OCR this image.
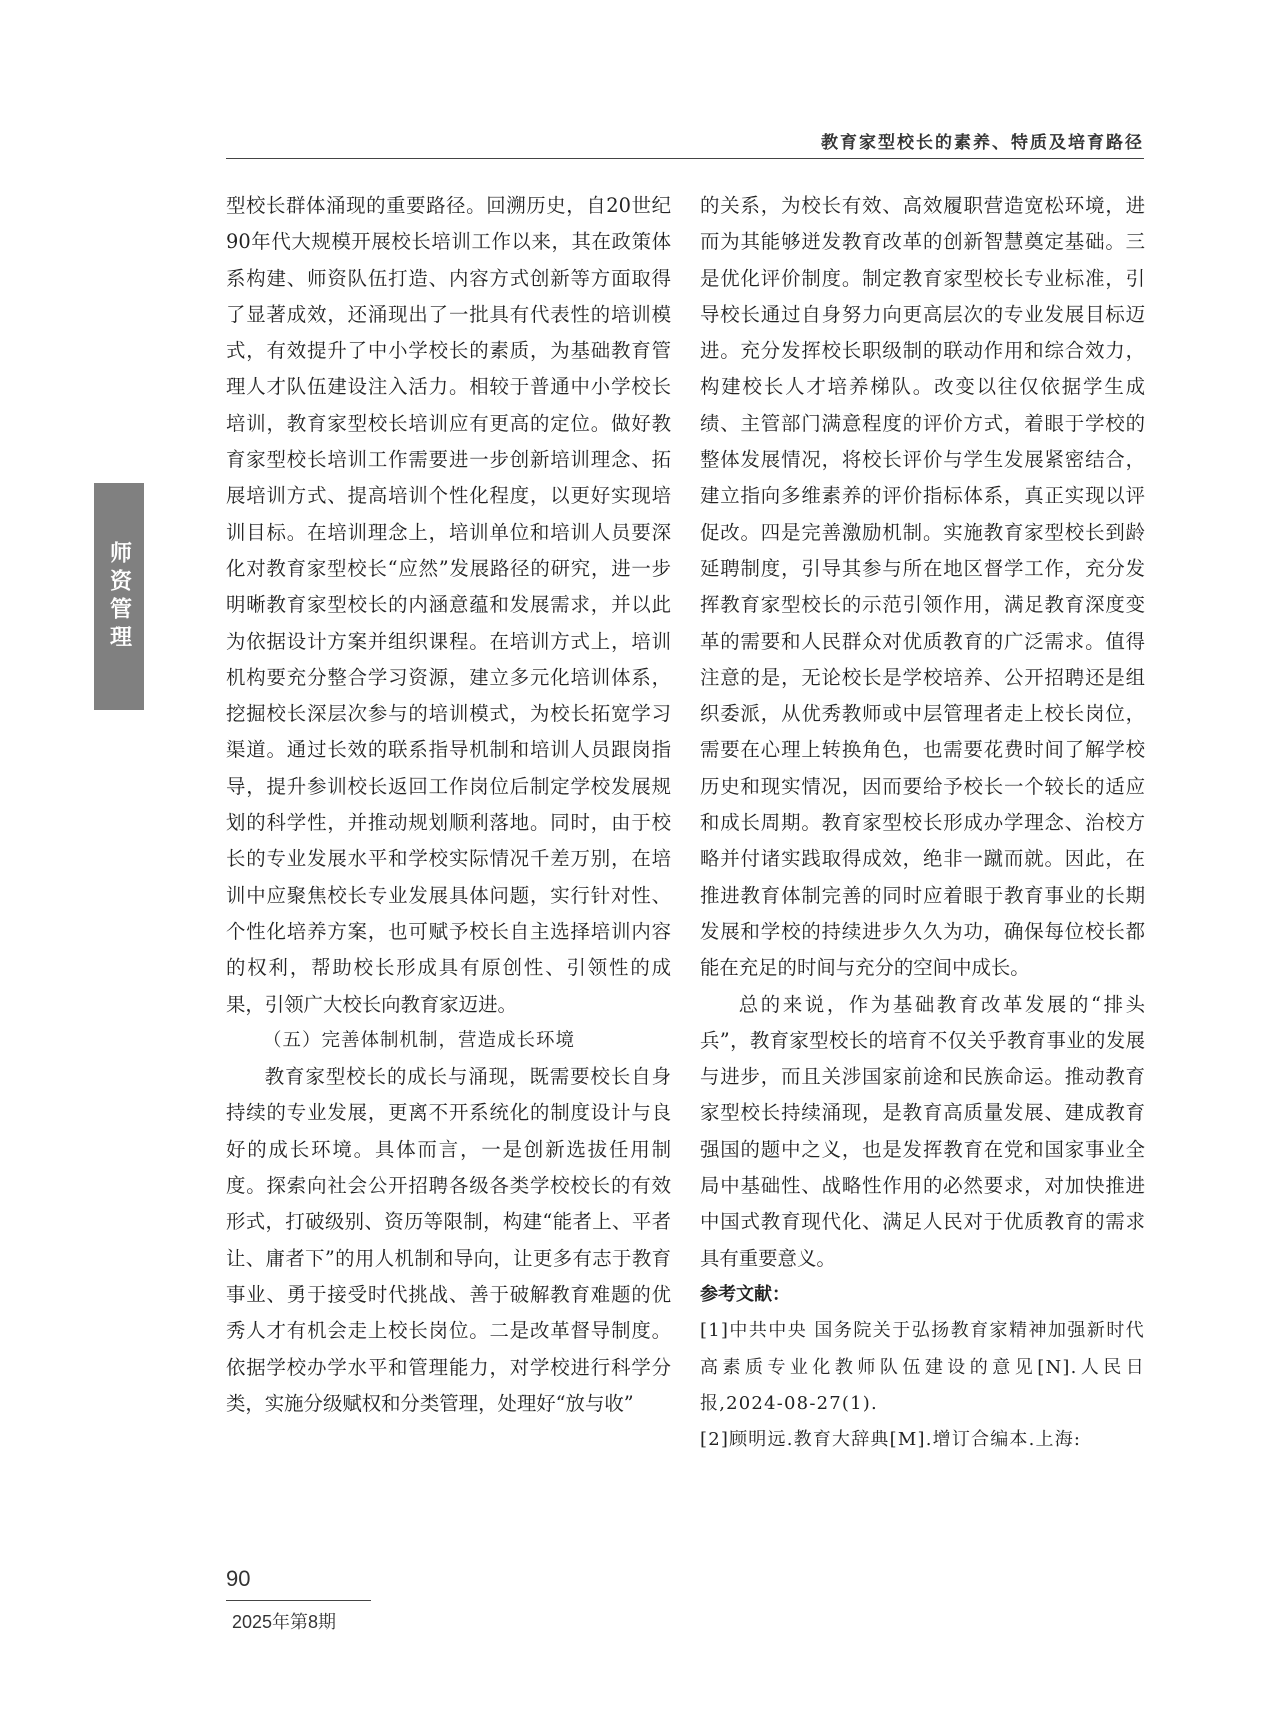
教育家型校长的素养、特质及培育路径
师资管理

型校长群体涌现的重要路径。回溯历史，自20世纪90年代大规模开展校长培训工作以来，其在政策体系构建、师资队伍打造、内容方式创新等方面取得了显著成效，还涌现出了一批具有代表性的培训模式，有效提升了中小学校长的素质，为基础教育管理人才队伍建设注入活力。相较于普通中小学校长培训，教育家型校长培训应有更高的定位。做好教育家型校长培训工作需要进一步创新培训理念、拓展培训方式、提高培训个性化程度，以更好实现培训目标。在培训理念上，培训单位和培训人员要深化对教育家型校长“应然”发展路径的研究，进一步明晰教育家型校长的内涵意蕴和发展需求，并以此为依据设计方案并组织课程。在培训方式上，培训机构要充分整合学习资源，建立多元化培训体系，挖掘校长深层次参与的培训模式，为校长拓宽学习渠道。通过长效的联系指导机制和培训人员跟岗指导，提升参训校长返回工作岗位后制定学校发展规划的科学性，并推动规划顺利落地。同时，由于校长的专业发展水平和学校实际情况千差万别，在培训中应聚焦校长专业发展具体问题，实行针对性、个性化培养方案，也可赋予校长自主选择培训内容的权利，帮助校长形成具有原创性、引领性的成果，引领广大校长向教育家迈进。

（五）完善体制机制，营造成长环境

教育家型校长的成长与涌现，既需要校长自身持续的专业发展，更离不开系统化的制度设计与良好的成长环境。具体而言，一是创新选拔任用制度。探索向社会公开招聘各级各类学校校长的有效形式，打破级别、资历等限制，构建“能者上、平者让、庸者下”的用人机制和导向，让更多有志于教育事业、勇于接受时代挑战、善于破解教育难题的优秀人才有机会走上校长岗位。二是改革督导制度。依据学校办学水平和管理能力，对学校进行科学分类，实施分级赋权和分类管理，处理好“放与收”

的关系，为校长有效、高效履职营造宽松环境，进而为其能够迸发教育改革的创新智慧奠定基础。三是优化评价制度。制定教育家型校长专业标准，引导校长通过自身努力向更高层次的专业发展目标迈进。充分发挥校长职级制的联动作用和综合效力，构建校长人才培养梯队。改变以往仅依据学生成绩、主管部门满意程度的评价方式，着眼于学校的整体发展情况，将校长评价与学生发展紧密结合，建立指向多维素养的评价指标体系，真正实现以评促改。四是完善激励机制。实施教育家型校长到龄延聘制度，引导其参与所在地区督学工作，充分发挥教育家型校长的示范引领作用，满足教育深度变革的需要和人民群众对优质教育的广泛需求。值得注意的是，无论校长是学校培养、公开招聘还是组织委派，从优秀教师或中层管理者走上校长岗位，需要在心理上转换角色，也需要花费时间了解学校历史和现实情况，因而要给予校长一个较长的适应和成长周期。教育家型校长形成办学理念、治校方略并付诸实践取得成效，绝非一蹴而就。因此，在推进教育体制完善的同时应着眼于教育事业的长期发展和学校的持续进步久久为功，确保每位校长都能在充足的时间与充分的空间中成长。

总的来说，作为基础教育改革发展的“排头兵”，教育家型校长的培育不仅关乎教育事业的发展与进步，而且关涉国家前途和民族命运。推动教育家型校长持续涌现，是教育高质量发展、建成教育强国的题中之义，也是发挥教育在党和国家事业全局中基础性、战略性作用的必然要求，对加快推进中国式教育现代化、满足人民对于优质教育的需求具有重要意义。

参考文献：

[1]中共中央 国务院关于弘扬教育家精神加强新时代高素质专业化教师队伍建设的意见[N].人民日报,2024-08-27(1).

[2]顾明远.教育大辞典[M].增订合编本.上海:

90
2025年第8期
